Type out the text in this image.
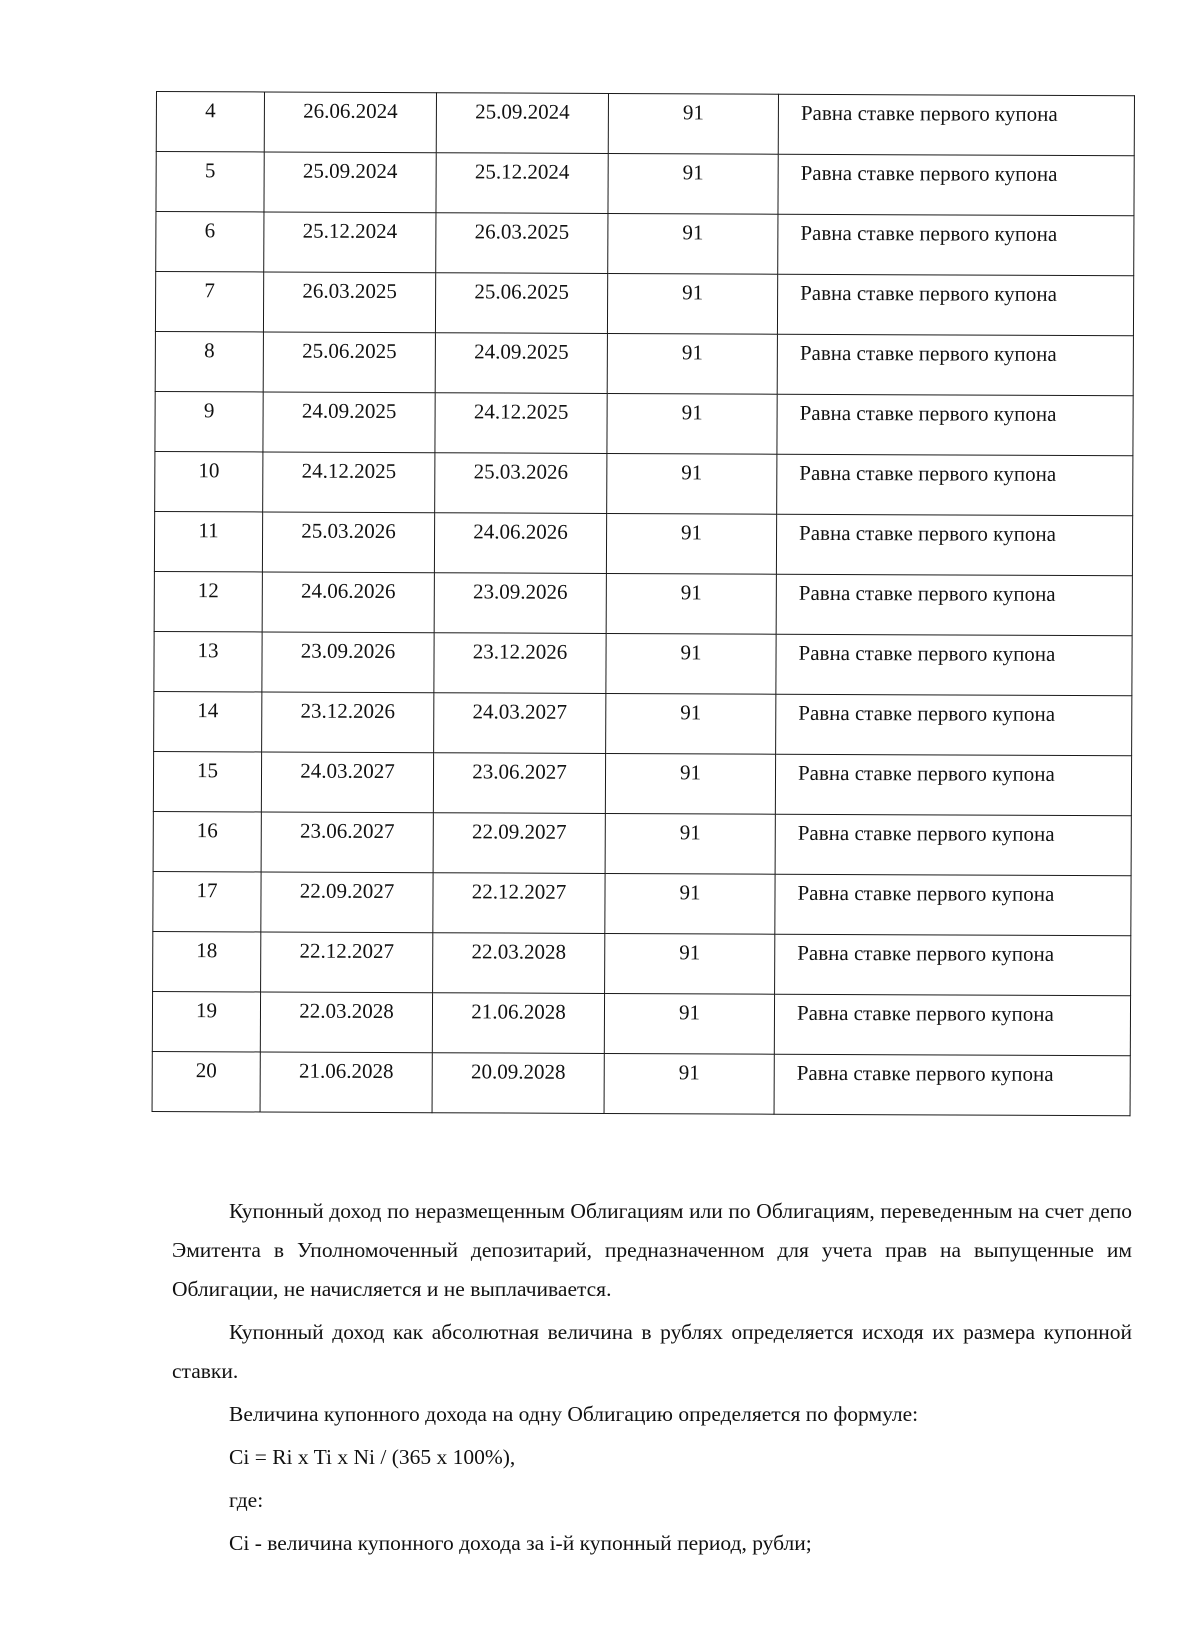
4	26.06.2024	25.09.2024	91	Равна ставке первого купона
5	25.09.2024	25.12.2024	91	Равна ставке первого купона
6	25.12.2024	26.03.2025	91	Равна ставке первого купона
7	26.03.2025	25.06.2025	91	Равна ставке первого купона
8	25.06.2025	24.09.2025	91	Равна ставке первого купона
9	24.09.2025	24.12.2025	91	Равна ставке первого купона
10	24.12.2025	25.03.2026	91	Равна ставке первого купона
11	25.03.2026	24.06.2026	91	Равна ставке первого купона
12	24.06.2026	23.09.2026	91	Равна ставке первого купона
13	23.09.2026	23.12.2026	91	Равна ставке первого купона
14	23.12.2026	24.03.2027	91	Равна ставке первого купона
15	24.03.2027	23.06.2027	91	Равна ставке первого купона
16	23.06.2027	22.09.2027	91	Равна ставке первого купона
17	22.09.2027	22.12.2027	91	Равна ставке первого купона
18	22.12.2027	22.03.2028	91	Равна ставке первого купона
19	22.03.2028	21.06.2028	91	Равна ставке первого купона
20	21.06.2028	20.09.2028	91	Равна ставке первого купона

Купонный доход по неразмещенным Облигациям или по Облигациям, переведенным на счет депо Эмитента в Уполномоченный депозитарий, предназначенном для учета прав на выпущенные им Облигации, не начисляется и не выплачивается.

Купонный доход как абсолютная величина в рублях определяется исходя их размера купонной ставки.

Величина купонного дохода на одну Облигацию определяется по формуле:

Ci = Ri x Ti x Ni / (365 x 100%),

где:

Ci - величина купонного дохода за i-й купонный период, рубли;
